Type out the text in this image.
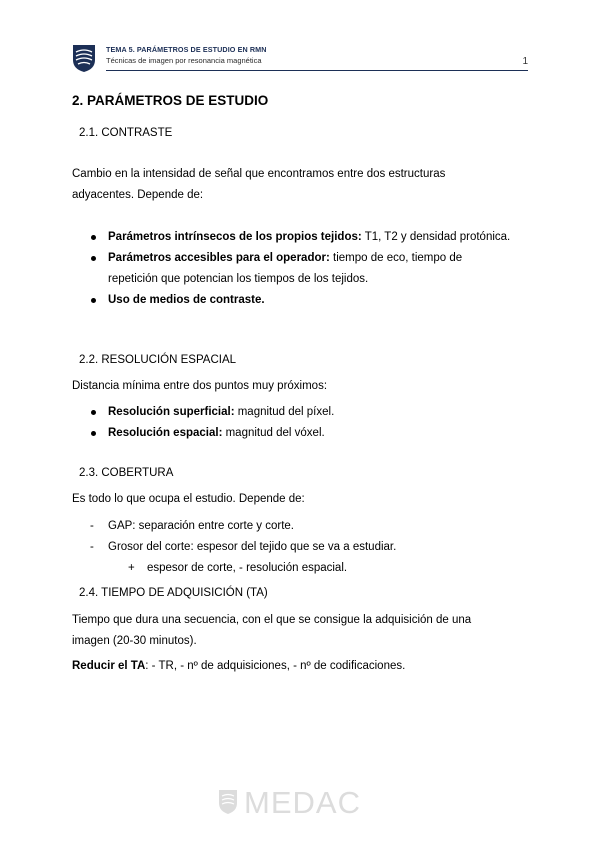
TEMA 5. PARÁMETROS DE ESTUDIO EN RMN
Técnicas de imagen por resonancia magnética	1
2. PARÁMETROS DE ESTUDIO
2.1. CONTRASTE
Cambio en la intensidad de señal que encontramos entre dos estructuras
adyacentes. Depende de:
Parámetros intrínsecos de los propios tejidos: T1, T2 y densidad protónica.
Parámetros accesibles para el operador: tiempo de eco, tiempo de repetición que potencian los tiempos de los tejidos.
Uso de medios de contraste.
2.2. RESOLUCIÓN ESPACIAL
Distancia mínima entre dos puntos muy próximos:
Resolución superficial: magnitud del píxel.
Resolución espacial: magnitud del vóxel.
2.3. COBERTURA
Es todo lo que ocupa el estudio. Depende de:
- GAP: separación entre corte y corte.
- Grosor del corte: espesor del tejido que se va a estudiar.
+ espesor de corte, - resolución espacial.
2.4. TIEMPO DE ADQUISICIÓN (TA)
Tiempo que dura una secuencia, con el que se consigue la adquisición de una
imagen (20-30 minutos).
Reducir el TA: - TR, - nº de adquisiciones, - nº de codificaciones.
MEDAC
